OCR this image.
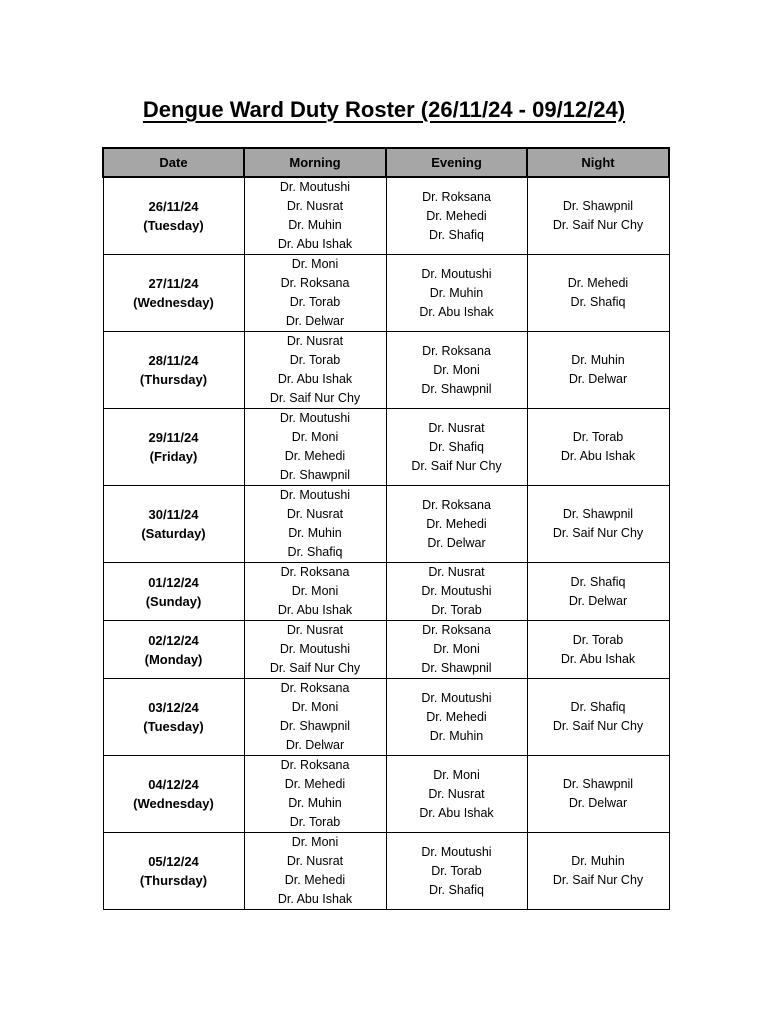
Dengue Ward Duty Roster (26/11/24 - 09/12/24)
Date	Morning	Evening	Night

26/11/24
(Tuesday)	Dr. Moutushi
Dr. Nusrat
Dr. Muhin
Dr. Abu Ishak	Dr. Roksana
Dr. Mehedi
Dr. Shafiq	Dr. Shawpnil
Dr. Saif Nur Chy

27/11/24
(Wednesday)	Dr. Moni
Dr. Roksana
Dr. Torab
Dr. Delwar	Dr. Moutushi
Dr. Muhin
Dr. Abu Ishak	Dr. Mehedi
Dr. Shafiq

28/11/24
(Thursday)	Dr. Nusrat
Dr. Torab
Dr. Abu Ishak
Dr. Saif Nur Chy	Dr. Roksana
Dr. Moni
Dr. Shawpnil	Dr. Muhin
Dr. Delwar

29/11/24
(Friday)	Dr. Moutushi
Dr. Moni
Dr. Mehedi
Dr. Shawpnil	Dr. Nusrat
Dr. Shafiq
Dr. Saif Nur Chy	Dr. Torab
Dr. Abu Ishak

30/11/24
(Saturday)	Dr. Moutushi
Dr. Nusrat
Dr. Muhin
Dr. Shafiq	Dr. Roksana
Dr. Mehedi
Dr. Delwar	Dr. Shawpnil
Dr. Saif Nur Chy

01/12/24
(Sunday)	Dr. Roksana
Dr. Moni
Dr. Abu Ishak	Dr. Nusrat
Dr. Moutushi
Dr. Torab	Dr. Shafiq
Dr. Delwar

02/12/24
(Monday)	Dr. Nusrat
Dr. Moutushi
Dr. Saif Nur Chy	Dr. Roksana
Dr. Moni
Dr. Shawpnil	Dr. Torab
Dr. Abu Ishak

03/12/24
(Tuesday)	Dr. Roksana
Dr. Moni
Dr. Shawpnil
Dr. Delwar	Dr. Moutushi
Dr. Mehedi
Dr. Muhin	Dr. Shafiq
Dr. Saif Nur Chy

04/12/24
(Wednesday)	Dr. Roksana
Dr. Mehedi
Dr. Muhin
Dr. Torab	Dr. Moni
Dr. Nusrat
Dr. Abu Ishak	Dr. Shawpnil
Dr. Delwar

05/12/24
(Thursday)	Dr. Moni
Dr. Nusrat
Dr. Mehedi
Dr. Abu Ishak	Dr. Moutushi
Dr. Torab
Dr. Shafiq	Dr. Muhin
Dr. Saif Nur Chy
